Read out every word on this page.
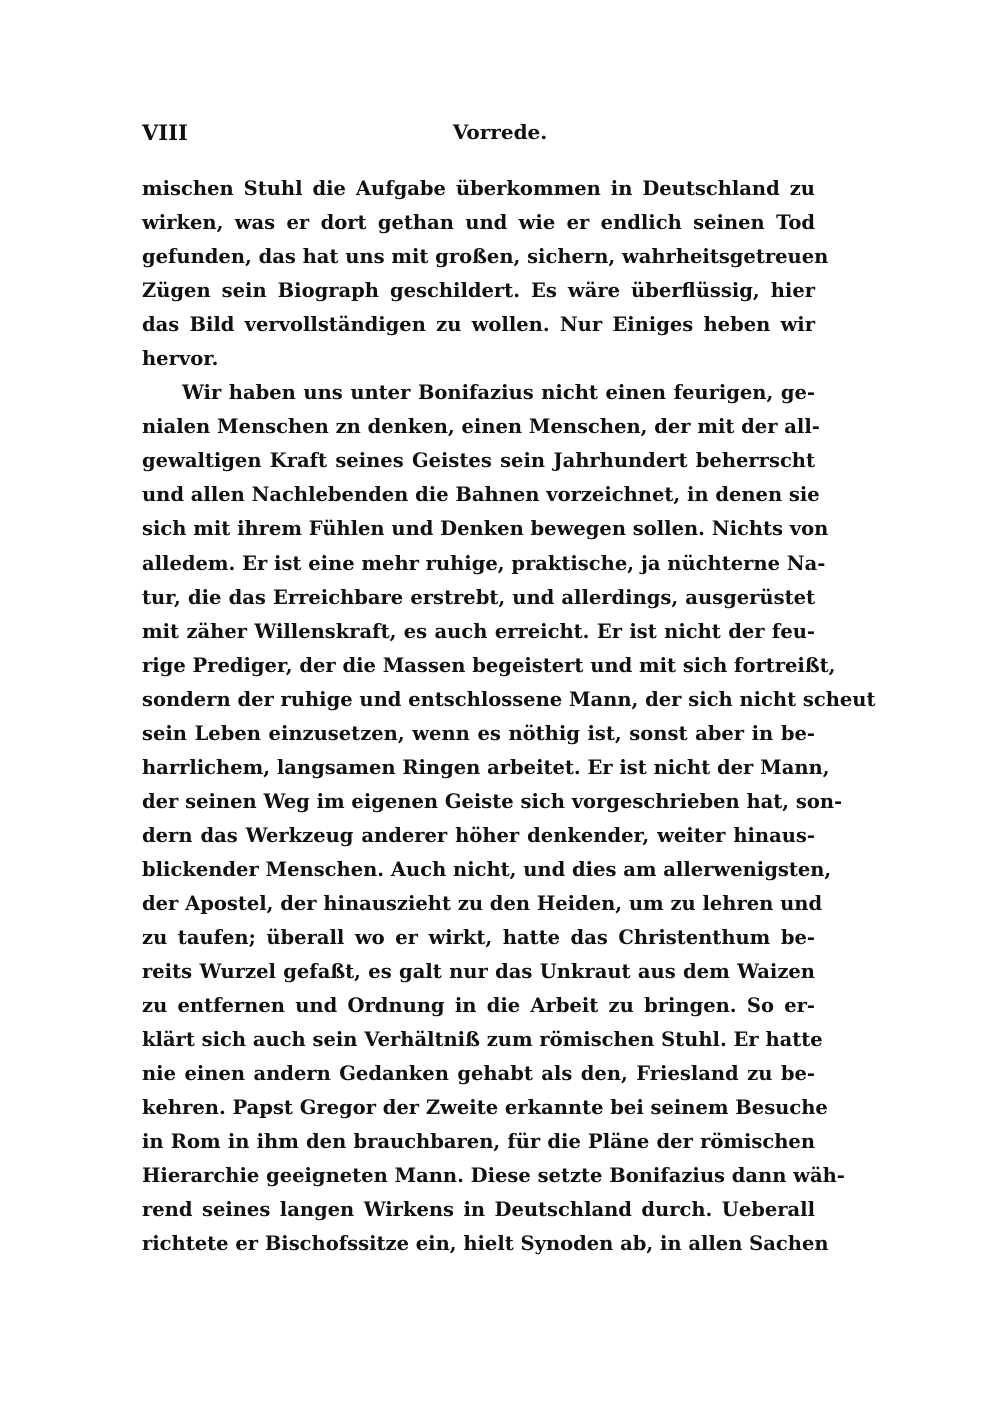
VIII	Vorrede.
mischen Stuhl die Aufgabe überkommen in Deutschland zu
wirken, was er dort gethan und wie er endlich seinen Tod
gefunden, das hat uns mit großen, sichern, wahrheitsgetreuen
Zügen sein Biograph geschildert. Es wäre überflüssig, hier
das Bild vervollständigen zu wollen. Nur Einiges heben wir
hervor.
Wir haben uns unter Bonifazius nicht einen feurigen, ge-
nialen Menschen zn denken, einen Menschen, der mit der all-
gewaltigen Kraft seines Geistes sein Jahrhundert beherrscht
und allen Nachlebenden die Bahnen vorzeichnet, in denen sie
sich mit ihrem Fühlen und Denken bewegen sollen. Nichts von
alledem. Er ist eine mehr ruhige, praktische, ja nüchterne Na-
tur, die das Erreichbare erstrebt, und allerdings, ausgerüstet
mit zäher Willenskraft, es auch erreicht. Er ist nicht der feu-
rige Prediger, der die Massen begeistert und mit sich fortreißt,
sondern der ruhige und entschlossene Mann, der sich nicht scheut
sein Leben einzusetzen, wenn es nöthig ist, sonst aber in be-
harrlichem, langsamen Ringen arbeitet. Er ist nicht der Mann,
der seinen Weg im eigenen Geiste sich vorgeschrieben hat, son-
dern das Werkzeug anderer höher denkender, weiter hinaus-
blickender Menschen. Auch nicht, und dies am allerwenigsten,
der Apostel, der hinauszieht zu den Heiden, um zu lehren und
zu taufen; überall wo er wirkt, hatte das Christenthum be-
reits Wurzel gefaßt, es galt nur das Unkraut aus dem Waizen
zu entfernen und Ordnung in die Arbeit zu bringen. So er-
klärt sich auch sein Verhältniß zum römischen Stuhl. Er hatte
nie einen andern Gedanken gehabt als den, Friesland zu be-
kehren. Papst Gregor der Zweite erkannte bei seinem Besuche
in Rom in ihm den brauchbaren, für die Pläne der römischen
Hierarchie geeigneten Mann. Diese setzte Bonifazius dann wäh-
rend seines langen Wirkens in Deutschland durch. Ueberall
richtete er Bischofssitze ein, hielt Synoden ab, in allen Sachen
